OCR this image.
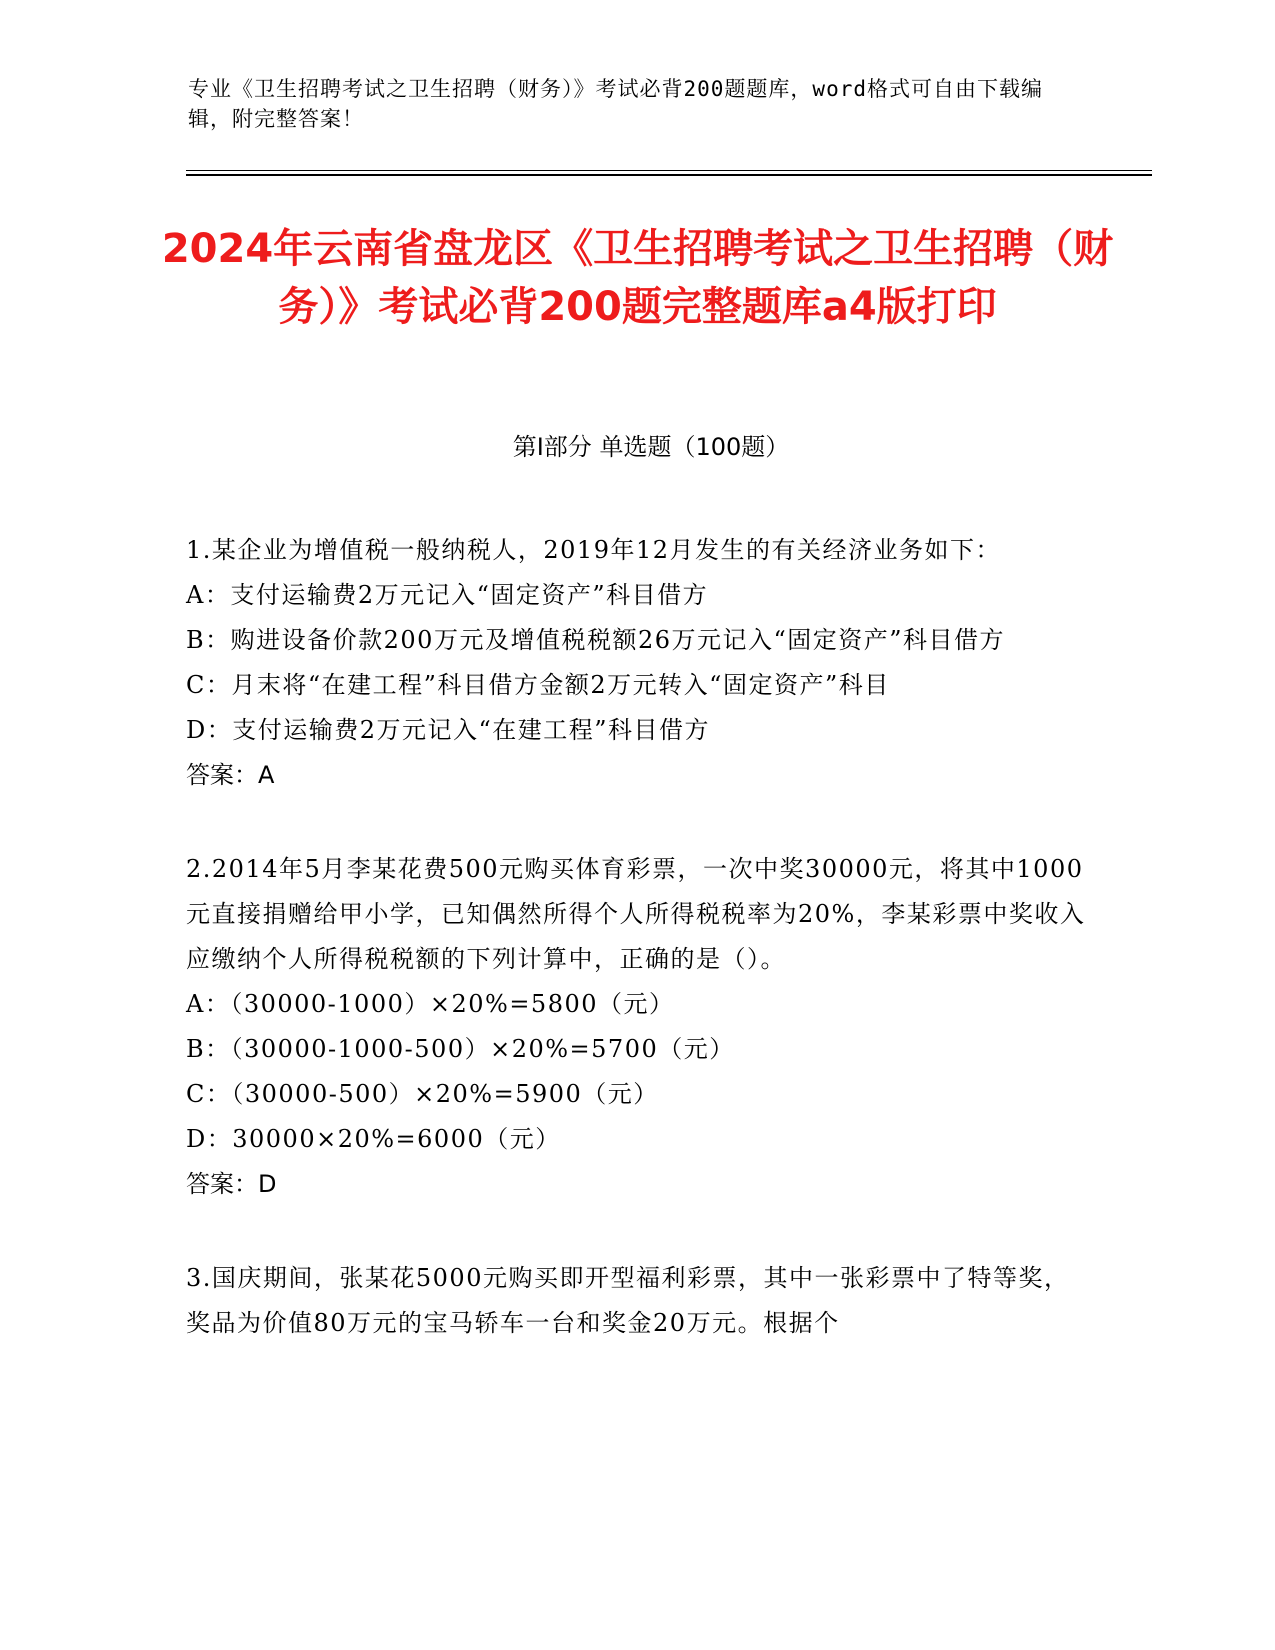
专业《卫生招聘考试之卫生招聘（财务）》考试必背200题题库，word格式可自由下载编辑，附完整答案！
2024年云南省盘龙区《卫生招聘考试之卫生招聘（财务）》考试必背200题完整题库a4版打印
第Ⅰ部分 单选题（100题）

1.某企业为增值税一般纳税人，2019年12月发生的有关经济业务如下：

A：支付运输费2万元记入“固定资产”科目借方

B：购进设备价款200万元及增值税税额26万元记入“固定资产”科目借方

C：月末将“在建工程”科目借方金额2万元转入“固定资产”科目

D：支付运输费2万元记入“在建工程”科目借方

答案：A

2.2014年5月李某花费500元购买体育彩票，一次中奖30000元，将其中1000元直接捐赠给甲小学，已知偶然所得个人所得税税率为20%，李某彩票中奖收入应缴纳个人所得税税额的下列计算中，正确的是（）。

A：（30000-1000）×20%=5800（元）

B：（30000-1000-500）×20%=5700（元）

C：（30000-500）×20%=5900（元）

D：30000×20%=6000（元）

答案：D

3.国庆期间，张某花5000元购买即开型福利彩票，其中一张彩票中了特等奖，奖品为价值80万元的宝马轿车一台和奖金20万元。根据个
